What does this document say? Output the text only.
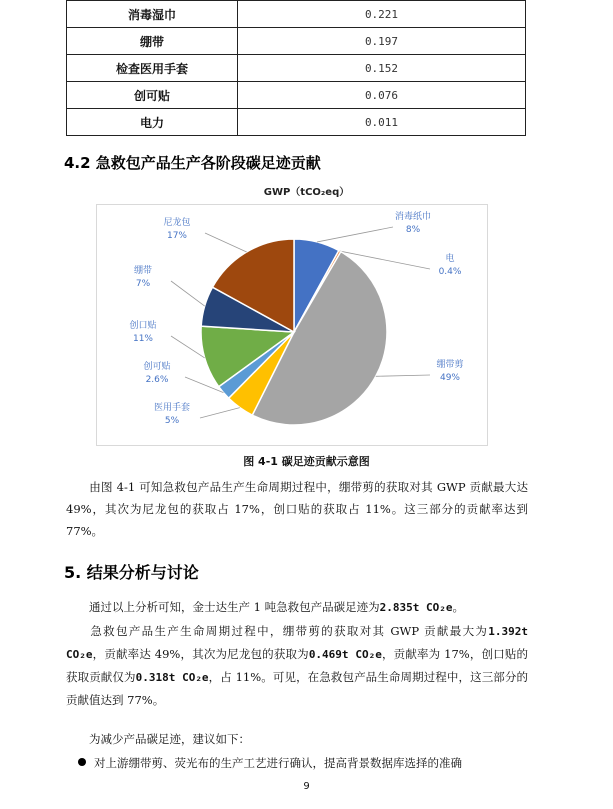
消毒湿巾	0.221
绷带	0.197
检查医用手套	0.152
创可贴	0.076
电力	0.011
4.2 急救包产品生产各阶段碳足迹贡献
GWP（tCO₂eq）
消毒纸巾
8%
电
0.4%
绷带剪
49%
医用手套
5%
创可贴
2.6%
创口贴
11%
绷带
7%
尼龙包
17%
图 4-1 碳足迹贡献示意图

由图 4-1 可知急救包产品生产生命周期过程中，绷带剪的获取对其 GWP 贡献最大达 49%，其次为尼龙包的获取占 17%，创口贴的获取占 11%。这三部分的贡献率达到 77%。

5. 结果分析与讨论

通过以上分析可知，金士达生产 1 吨急救包产品碳足迹为2.835t CO₂e。

急救包产品生产生命周期过程中，绷带剪的获取对其 GWP 贡献最大为1.392t CO₂e，贡献率达 49%，其次为尼龙包的获取为0.469t CO₂e，贡献率为 17%，创口贴的获取贡献仅为0.318t CO₂e，占 11%。可见，在急救包产品生命周期过程中，这三部分的贡献值达到 77%。

为减少产品碳足迹，建议如下：

对上游绷带剪、荧光布的生产工艺进行确认，提高背景数据库选择的准确

9
